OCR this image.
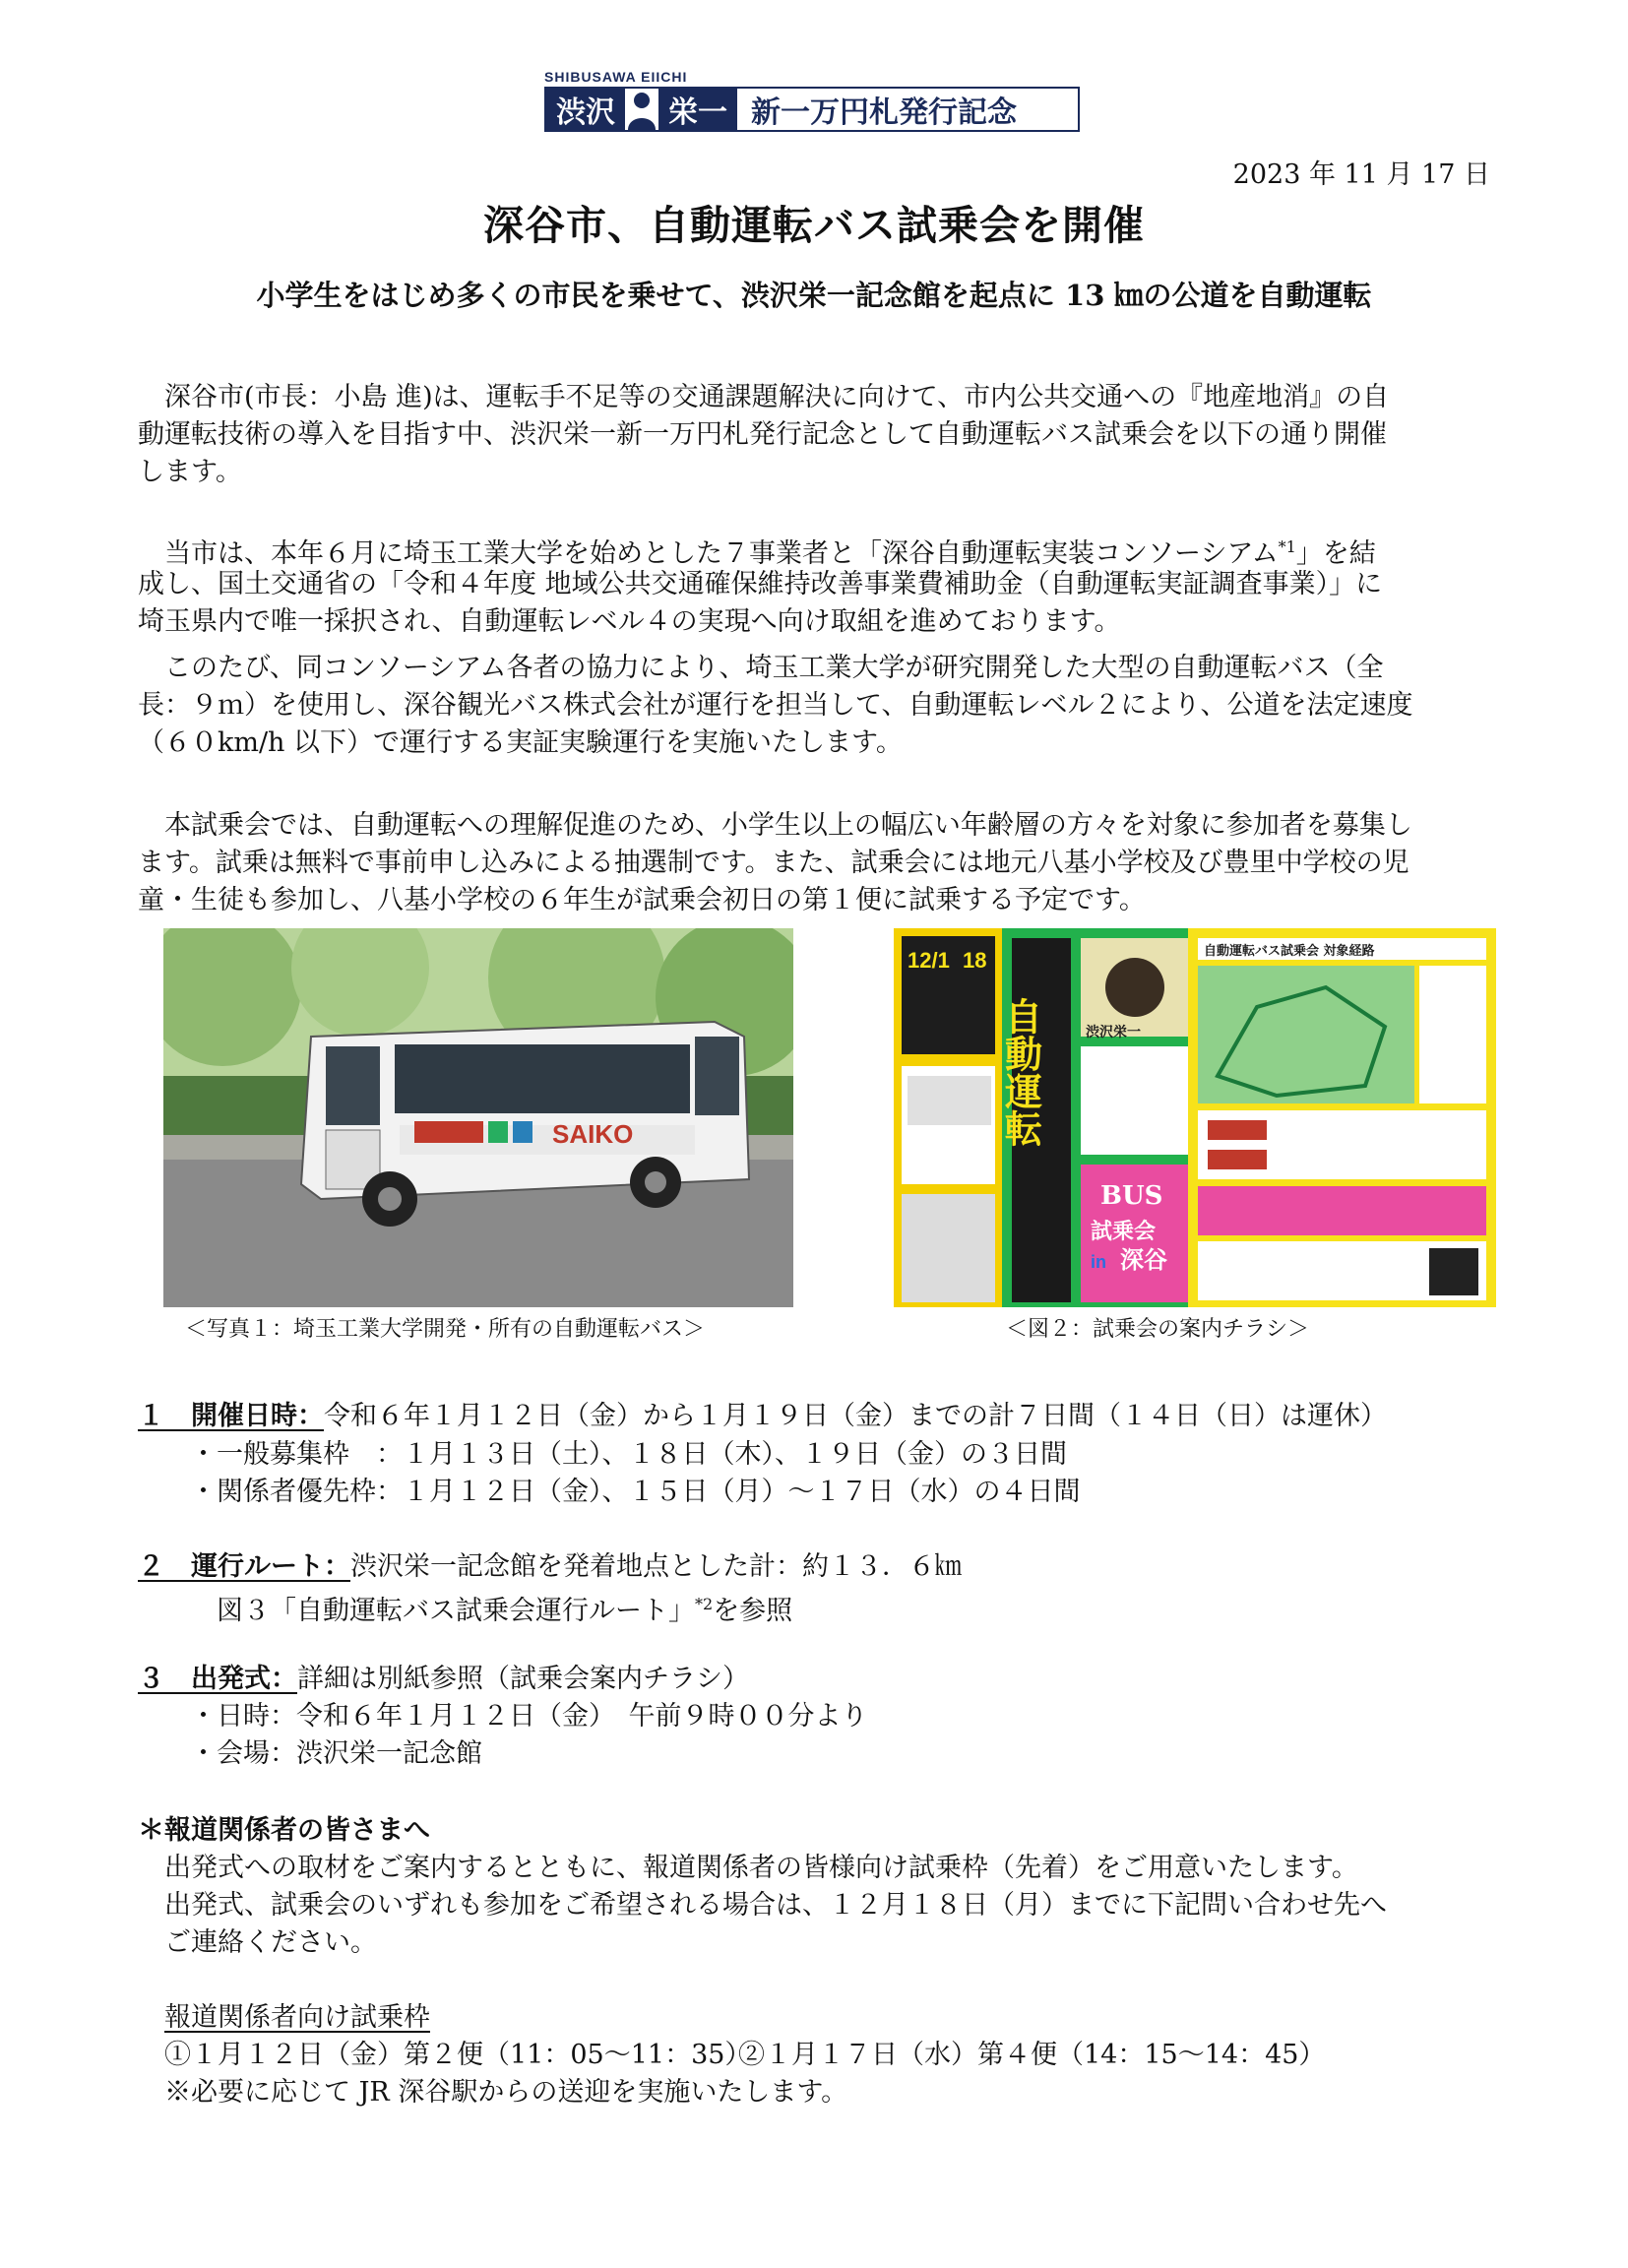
SHIBUSAWA EIICHI
渋沢	栄一 新一万円札発行記念
2023 年 11 月 17 日
深谷市、自動運転バス試乗会を開催
小学生をはじめ多くの市民を乗せて、渋沢栄一記念館を起点に 13 ㎞の公道を自動運転
深谷市(市長：小島 進)は、運転手不足等の交通課題解決に向けて、市内公共交通への『地産地消』の自
動運転技術の導入を目指す中、渋沢栄一新一万円札発行記念として自動運転バス試乗会を以下の通り開催
します。
当市は、本年６月に埼玉工業大学を始めとした７事業者と「深谷自動運転実装コンソーシアム$^{*1}$」を結
成し、国土交通省の「令和４年度 地域公共交通確保維持改善事業費補助金（自動運転実証調査事業）」に
埼玉県内で唯一採択され、自動運転レベル４の実現へ向け取組を進めております。
このたび、同コンソーシアム各者の協力により、埼玉工業大学が研究開発した大型の自動運転バス（全
長：９ｍ）を使用し、深谷観光バス株式会社が運行を担当して、自動運転レベル２により、公道を法定速度
（６０km/h 以下）で運行する実証実験運行を実施いたします。
本試乗会では、自動運転への理解促進のため、小学生以上の幅広い年齢層の方々を対象に参加者を募集し
ます。試乗は無料で事前申し込みによる抽選制です。また、試乗会には地元八基小学校及び豊里中学校の児
童・生徒も参加し、八基小学校の６年生が試乗会初日の第１便に試乗する予定です。
SAIKO
12/1 18
自動運転
BUS
試乗会
in 深谷
渋沢栄一
自動運転バス試乗会 対象経路
＜写真１：埼玉工業大学開発・所有の自動運転バス＞	＜図２：試乗会の案内チラシ＞
１　開催日時：令和６年１月１２日（金）から１月１９日（金）までの計７日間（１４日（日）は運休）
・一般募集枠　：１月１３日（土）、１８日（木）、１９日（金）の３日間
・関係者優先枠：１月１２日（金）、１５日（月）～１７日（水）の４日間
２　運行ルート：渋沢栄一記念館を発着地点とした計：約１３．６㎞
図３「自動運転バス試乗会運行ルート」$^{*2}$を参照
３　出発式：詳細は別紙参照（試乗会案内チラシ）
・日時：令和６年１月１２日（金）　午前９時００分より
・会場：渋沢栄一記念館
＊報道関係者の皆さまへ
出発式への取材をご案内するとともに、報道関係者の皆様向け試乗枠（先着）をご用意いたします。
出発式、試乗会のいずれも参加をご希望される場合は、１２月１８日（月）までに下記問い合わせ先へ
ご連絡ください。
報道関係者向け試乗枠
①１月１２日（金）第２便（11：05～11：35）
②１月１７日（水）第４便（14：15～14：45）
※必要に応じて JR 深谷駅からの送迎を実施いたします。
